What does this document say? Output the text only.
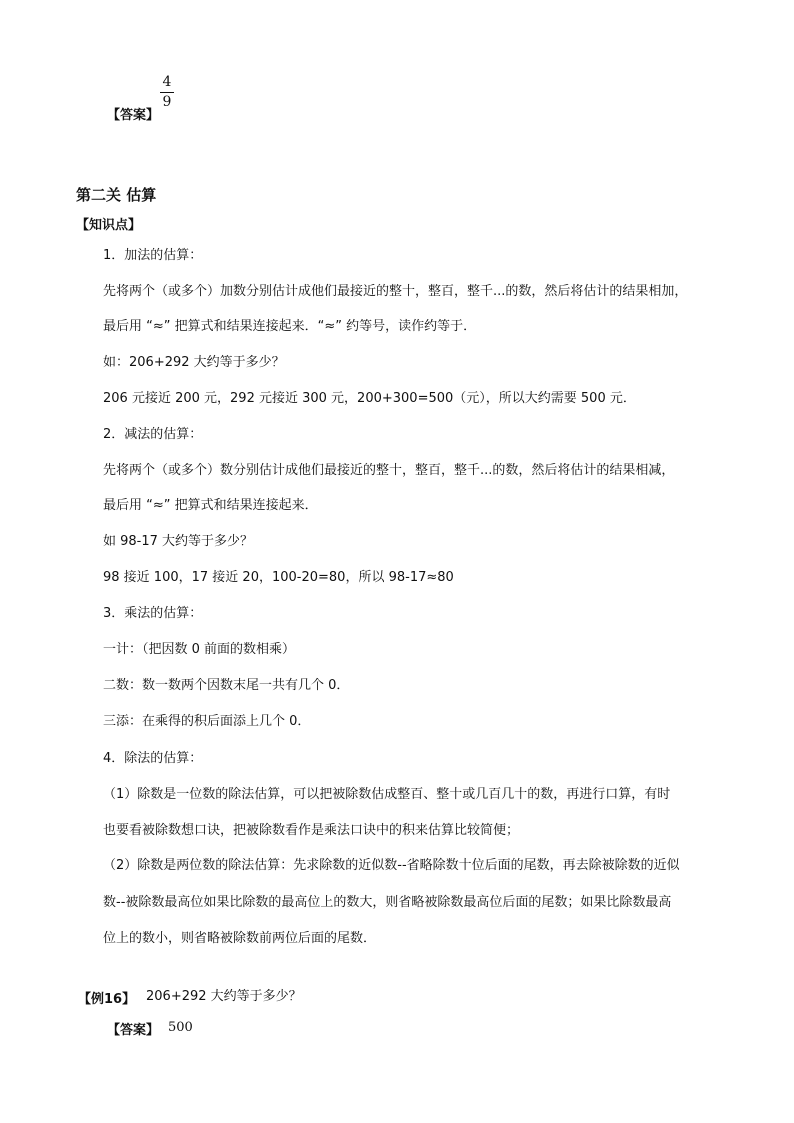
【答案】
4
9
第二关 估算
【知识点】
1．加法的估算：
先将两个（或多个）加数分别估计成他们最接近的整十，整百，整千...的数，然后将估计的结果相加，
最后用 “≈” 把算式和结果连接起来．“≈” 约等号，读作约等于．
如：206+292 大约等于多少？
206 元接近 200 元，292 元接近 300 元，200+300=500（元），所以大约需要 500 元．
2．减法的估算：
先将两个（或多个）数分别估计成他们最接近的整十，整百，整千...的数，然后将估计的结果相减，
最后用 “≈” 把算式和结果连接起来．
如 98-17 大约等于多少？
98 接近 100，17 接近 20，100-20=80，所以 98-17≈80
3．乘法的估算：
一计：（把因数 0 前面的数相乘）
二数：数一数两个因数末尾一共有几个 0．
三添：在乘得的积后面添上几个 0．
4．除法的估算：
（1）除数是一位数的除法估算，可以把被除数估成整百、整十或几百几十的数，再进行口算，有时
也要看被除数想口诀，把被除数看作是乘法口诀中的积来估算比较简便；
（2）除数是两位数的除法估算：先求除数的近似数--省略除数十位后面的尾数，再去除被除数的近似
数--被除数最高位如果比除数的最高位上的数大，则省略被除数最高位后面的尾数；如果比除数最高
位上的数小，则省略被除数前两位后面的尾数．
【例16】 206+292 大约等于多少？
【答案】 500
